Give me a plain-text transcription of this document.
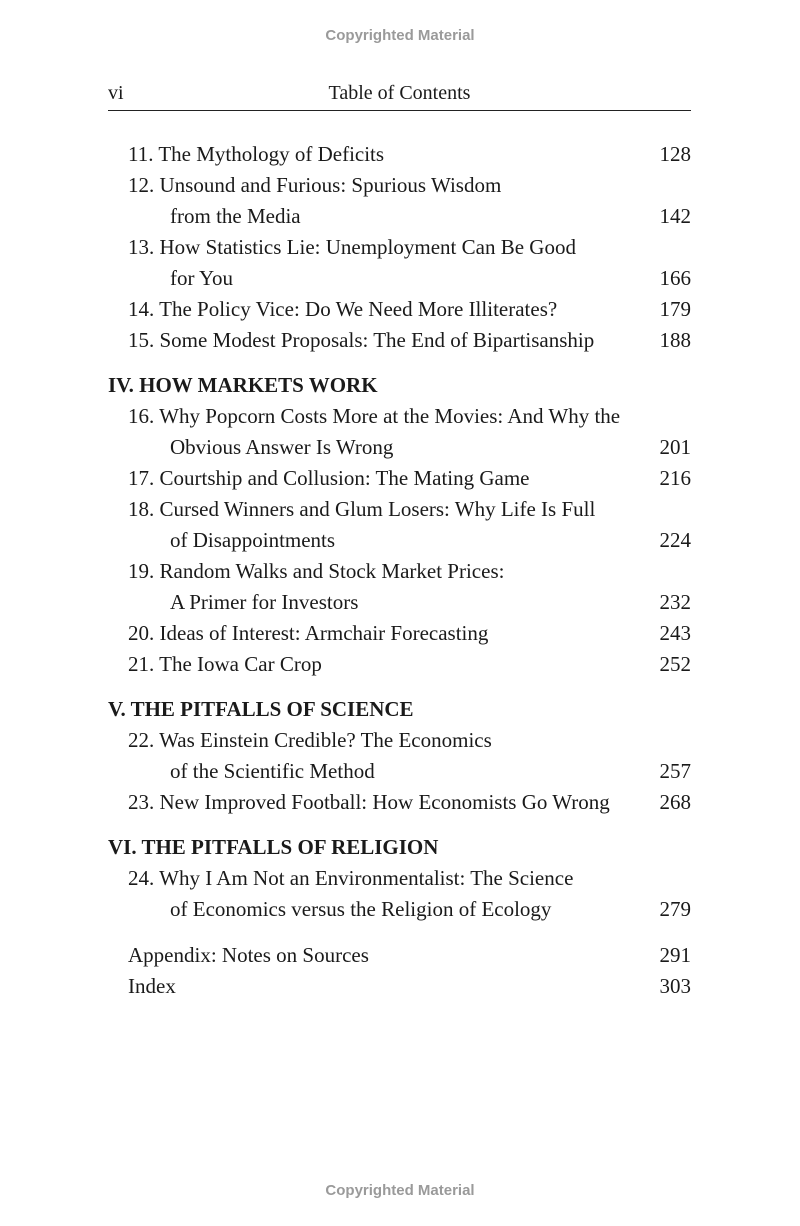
Copyrighted Material
vi	Table of Contents
11. The Mythology of Deficits	128
12. Unsound and Furious: Spurious Wisdom
from the Media	142
13. How Statistics Lie: Unemployment Can Be Good
for You	166
14. The Policy Vice: Do We Need More Illiterates?	179
15. Some Modest Proposals: The End of Bipartisanship	188
IV. HOW MARKETS WORK
16. Why Popcorn Costs More at the Movies: And Why the
Obvious Answer Is Wrong	201
17. Courtship and Collusion: The Mating Game	216
18. Cursed Winners and Glum Losers: Why Life Is Full
of Disappointments	224
19. Random Walks and Stock Market Prices:
A Primer for Investors	232
20. Ideas of Interest: Armchair Forecasting	243
21. The Iowa Car Crop	252
V. THE PITFALLS OF SCIENCE
22. Was Einstein Credible? The Economics
of the Scientific Method	257
23. New Improved Football: How Economists Go Wrong 268
VI. THE PITFALLS OF RELIGION
24. Why I Am Not an Environmentalist: The Science
of Economics versus the Religion of Ecology	279
Appendix: Notes on Sources	291
Index	303
Copyrighted Material
